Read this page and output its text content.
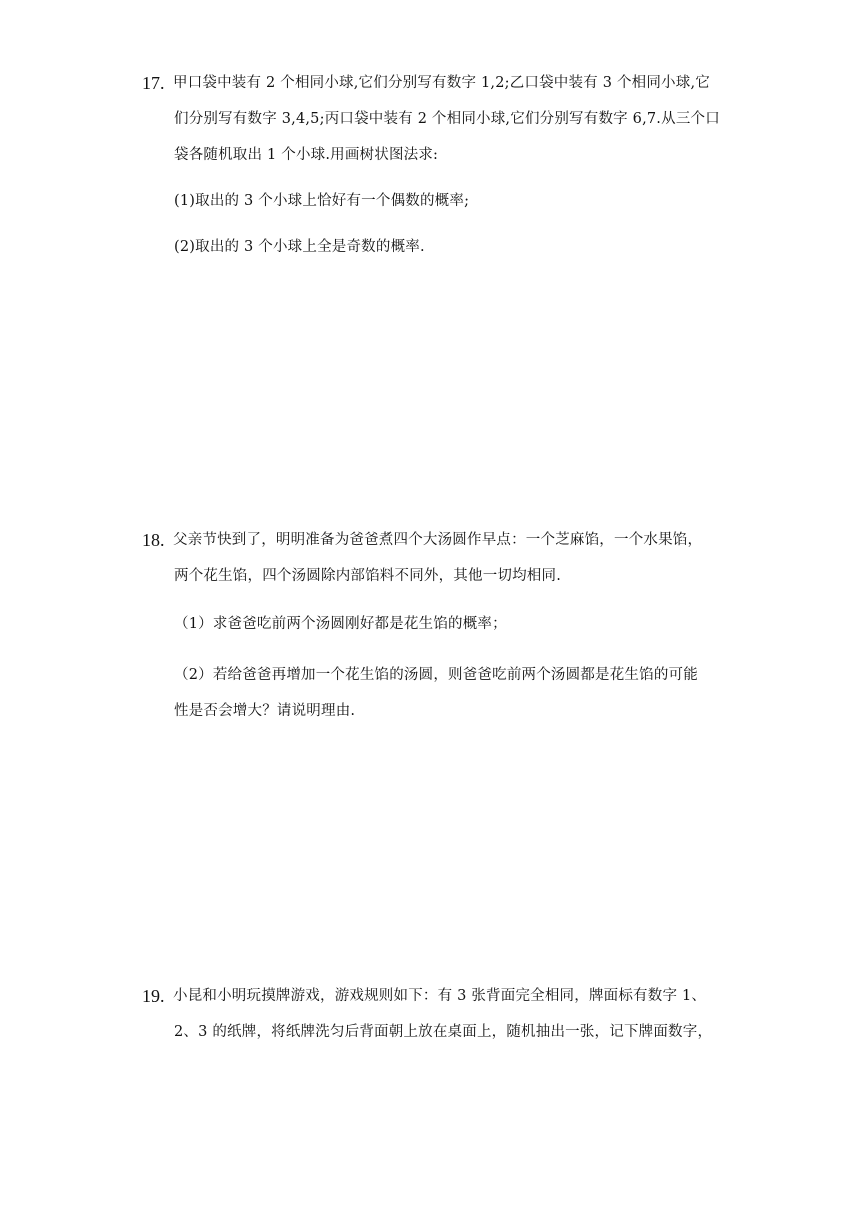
17. 甲口袋中装有 2 个相同小球,它们分别写有数字 1,2;乙口袋中装有 3 个相同小球,它
们分别写有数字 3,4,5;丙口袋中装有 2 个相同小球,它们分别写有数字 6,7.从三个口
袋各随机取出 1 个小球.用画树状图法求:
(1)取出的 3 个小球上恰好有一个偶数的概率;
(2)取出的 3 个小球上全是奇数的概率.
18. 父亲节快到了，明明准备为爸爸煮四个大汤圆作早点：一个芝麻馅，一个水果馅，
两个花生馅，四个汤圆除内部馅料不同外，其他一切均相同.
（1）求爸爸吃前两个汤圆刚好都是花生馅的概率；
（2）若给爸爸再增加一个花生馅的汤圆，则爸爸吃前两个汤圆都是花生馅的可能
性是否会增大？请说明理由.
19. 小昆和小明玩摸牌游戏，游戏规则如下：有 3 张背面完全相同，牌面标有数字 1、
2、3 的纸牌，将纸牌洗匀后背面朝上放在桌面上，随机抽出一张，记下牌面数字，
